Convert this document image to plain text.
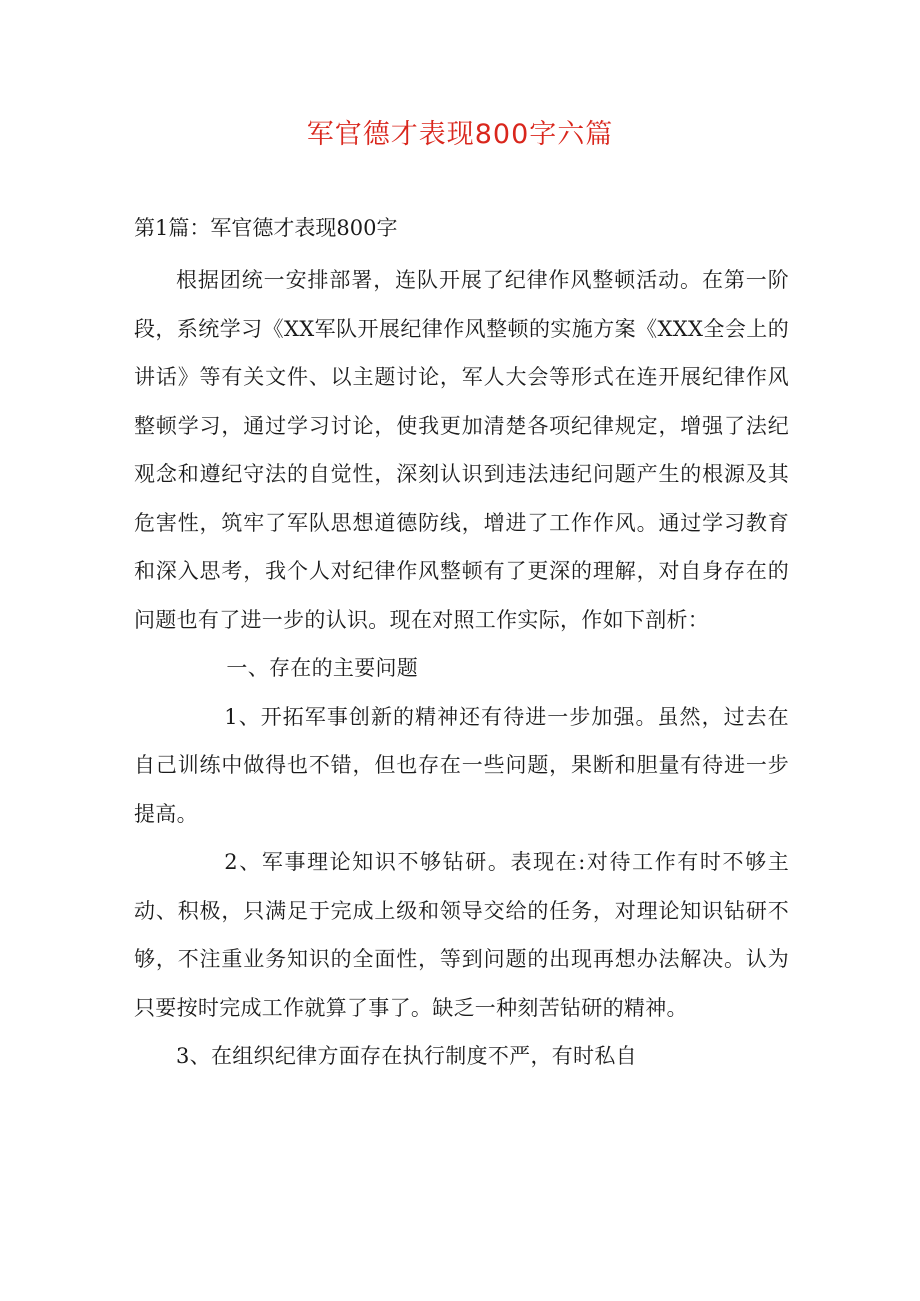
军官德才表现800字六篇
第1篇：军官德才表现800字

根据团统一安排部署，连队开展了纪律作风整顿活动。在第一阶段，系统学习《XX军队开展纪律作风整顿的实施方案《XXX全会上的讲话》等有关文件、以主题讨论，军人大会等形式在连开展纪律作风整顿学习，通过学习讨论，使我更加清楚各项纪律规定，增强了法纪观念和遵纪守法的自觉性，深刻认识到违法违纪问题产生的根源及其危害性，筑牢了军队思想道德防线，增进了工作作风。通过学习教育和深入思考，我个人对纪律作风整顿有了更深的理解，对自身存在的问题也有了进一步的认识。现在对照工作实际，作如下剖析：

一、存在的主要问题

1、开拓军事创新的精神还有待进一步加强。虽然，过去在自己训练中做得也不错，但也存在一些问题，果断和胆量有待进一步提高。

2、军事理论知识不够钻研。表现在:对待工作有时不够主动、积极，只满足于完成上级和领导交给的任务，对理论知识钻研不够，不注重业务知识的全面性，等到问题的出现再想办法解决。认为只要按时完成工作就算了事了。缺乏一种刻苦钻研的精神。

3、在组织纪律方面存在执行制度不严，有时私自
